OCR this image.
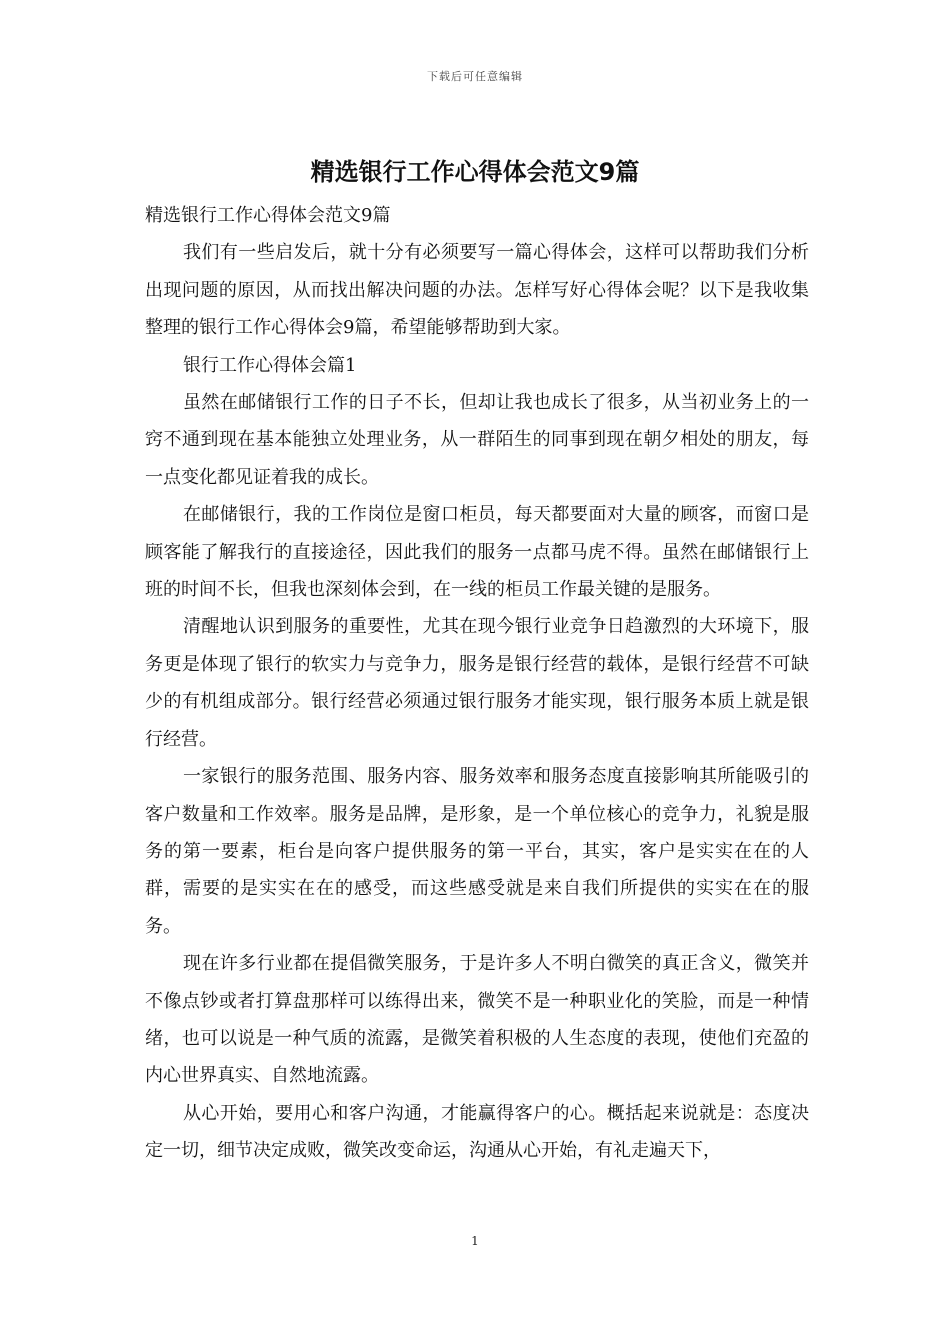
下载后可任意编辑
精选银行工作心得体会范文9篇

精选银行工作心得体会范文9篇

我们有一些启发后，就十分有必须要写一篇心得体会，这样可以帮助我们分析出现问题的原因，从而找出解决问题的办法。怎样写好心得体会呢？以下是我收集整理的银行工作心得体会9篇，希望能够帮助到大家。

银行工作心得体会篇1

虽然在邮储银行工作的日子不长，但却让我也成长了很多，从当初业务上的一窍不通到现在基本能独立处理业务，从一群陌生的同事到现在朝夕相处的朋友，每一点变化都见证着我的成长。

在邮储银行，我的工作岗位是窗口柜员，每天都要面对大量的顾客，而窗口是顾客能了解我行的直接途径，因此我们的服务一点都马虎不得。虽然在邮储银行上班的时间不长，但我也深刻体会到，在一线的柜员工作最关键的是服务。

清醒地认识到服务的重要性，尤其在现今银行业竞争日趋激烈的大环境下，服务更是体现了银行的软实力与竞争力，服务是银行经营的载体，是银行经营不可缺少的有机组成部分。银行经营必须通过银行服务才能实现，银行服务本质上就是银行经营。

一家银行的服务范围、服务内容、服务效率和服务态度直接影响其所能吸引的客户数量和工作效率。服务是品牌，是形象，是一个单位核心的竞争力，礼貌是服务的第一要素，柜台是向客户提供服务的第一平台，其实，客户是实实在在的人群，需要的是实实在在的感受，而这些感受就是来自我们所提供的实实在在的服务。

现在许多行业都在提倡微笑服务，于是许多人不明白微笑的真正含义，微笑并不像点钞或者打算盘那样可以练得出来，微笑不是一种职业化的笑脸，而是一种情绪，也可以说是一种气质的流露，是微笑着积极的人生态度的表现，使他们充盈的内心世界真实、自然地流露。

从心开始，要用心和客户沟通，才能赢得客户的心。概括起来说就是：态度决定一切，细节决定成败，微笑改变命运，沟通从心开始，有礼走遍天下，

1
